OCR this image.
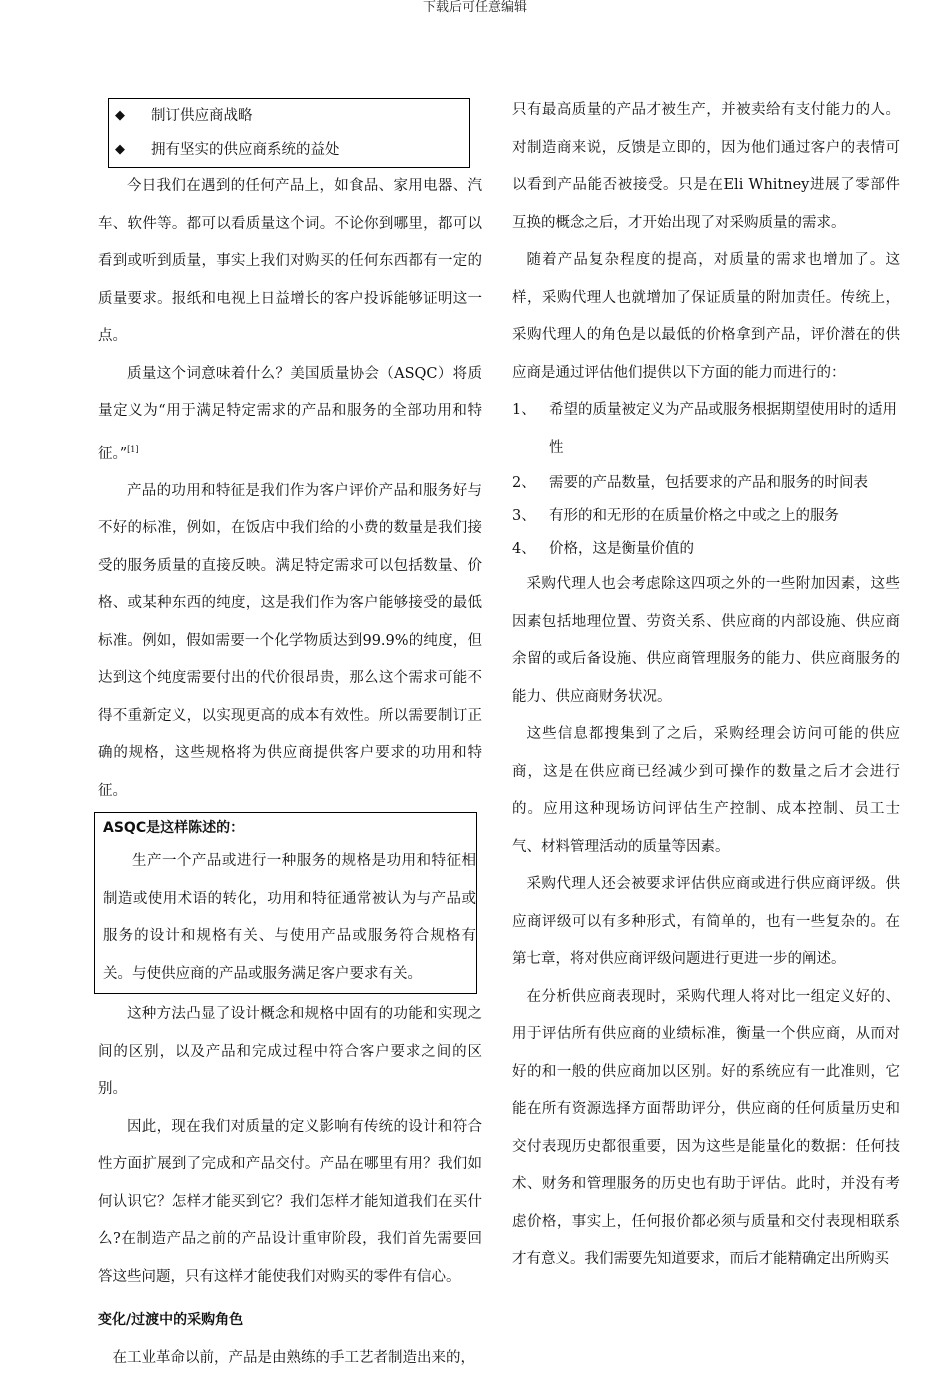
下载后可任意编辑
◆	制订供应商战略
◆	拥有坚实的供应商系统的益处

今日我们在遇到的任何产品上，如食品、家用电器、汽车、软件等。都可以看质量这个词。不论你到哪里，都可以看到或听到质量，事实上我们对购买的任何东西都有一定的质量要求。报纸和电视上日益增长的客户投诉能够证明这一点。

质量这个词意味着什么？美国质量协会（ASQC）将质量定义为“用于满足特定需求的产品和服务的全部功用和特征。”[1]

产品的功用和特征是我们作为客户评价产品和服务好与不好的标准，例如，在饭店中我们给的小费的数量是我们接受的服务质量的直接反映。满足特定需求可以包括数量、价格、或某种东西的纯度，这是我们作为客户能够接受的最低标准。例如，假如需要一个化学物质达到99.9%的纯度，但达到这个纯度需要付出的代价很昂贵，那么这个需求可能不得不重新定义，以实现更高的成本有效性。所以需要制订正确的规格，这些规格将为供应商提供客户要求的功用和特征。

ASQC是这样陈述的：

生产一个产品或进行一种服务的规格是功用和特征相制造或使用术语的转化，功用和特征通常被认为与产品或服务的设计和规格有关、与使用产品或服务符合规格有关。与使供应商的产品或服务满足客户要求有关。

这种方法凸显了设计概念和规格中固有的功能和实现之间的区别，以及产品和完成过程中符合客户要求之间的区别。

因此，现在我们对质量的定义影响有传统的设计和符合性方面扩展到了完成和产品交付。产品在哪里有用？我们如何认识它？怎样才能买到它？我们怎样才能知道我们在买什么?在制造产品之前的产品设计重审阶段，我们首先需要回答这些问题，只有这样才能使我们对购买的零件有信心。

变化/过渡中的采购角色

在工业革命以前，产品是由熟练的手工艺者制造出来的，

只有最高质量的产品才被生产，并被卖给有支付能力的人。对制造商来说，反馈是立即的，因为他们通过客户的表情可以看到产品能否被接受。只是在Eli Whitney进展了零部件互换的概念之后，才开始出现了对采购质量的需求。

随着产品复杂程度的提高，对质量的需求也增加了。这样，采购代理人也就增加了保证质量的附加责任。传统上，采购代理人的角色是以最低的价格拿到产品，评价潜在的供应商是通过评估他们提供以下方面的能力而进行的：

1、 希望的质量被定义为产品或服务根据期望使用时的适用性
2、 需要的产品数量，包括要求的产品和服务的时间表
3、 有形的和无形的在质量价格之中或之上的服务
4、 价格，这是衡量价值的

采购代理人也会考虑除这四项之外的一些附加因素，这些因素包括地理位置、劳资关系、供应商的内部设施、供应商余留的或后备设施、供应商管理服务的能力、供应商服务的能力、供应商财务状况。

这些信息都搜集到了之后，采购经理会访问可能的供应商，这是在供应商已经减少到可操作的数量之后才会进行的。应用这种现场访问评估生产控制、成本控制、员工士气、材料管理活动的质量等因素。

采购代理人还会被要求评估供应商或进行供应商评级。供应商评级可以有多种形式，有简单的，也有一些复杂的。在第七章，将对供应商评级问题进行更进一步的阐述。

在分析供应商表现时，采购代理人将对比一组定义好的、用于评估所有供应商的业绩标准，衡量一个供应商，从而对好的和一般的供应商加以区别。好的系统应有一此准则，它能在所有资源选择方面帮助评分，供应商的任何质量历史和交付表现历史都很重要，因为这些是能量化的数据：任何技术、财务和管理服务的历史也有助于评估。此时，并没有考虑价格，事实上，任何报价都必须与质量和交付表现相联系才有意义。我们需要先知道要求，而后才能精确定出所购买
